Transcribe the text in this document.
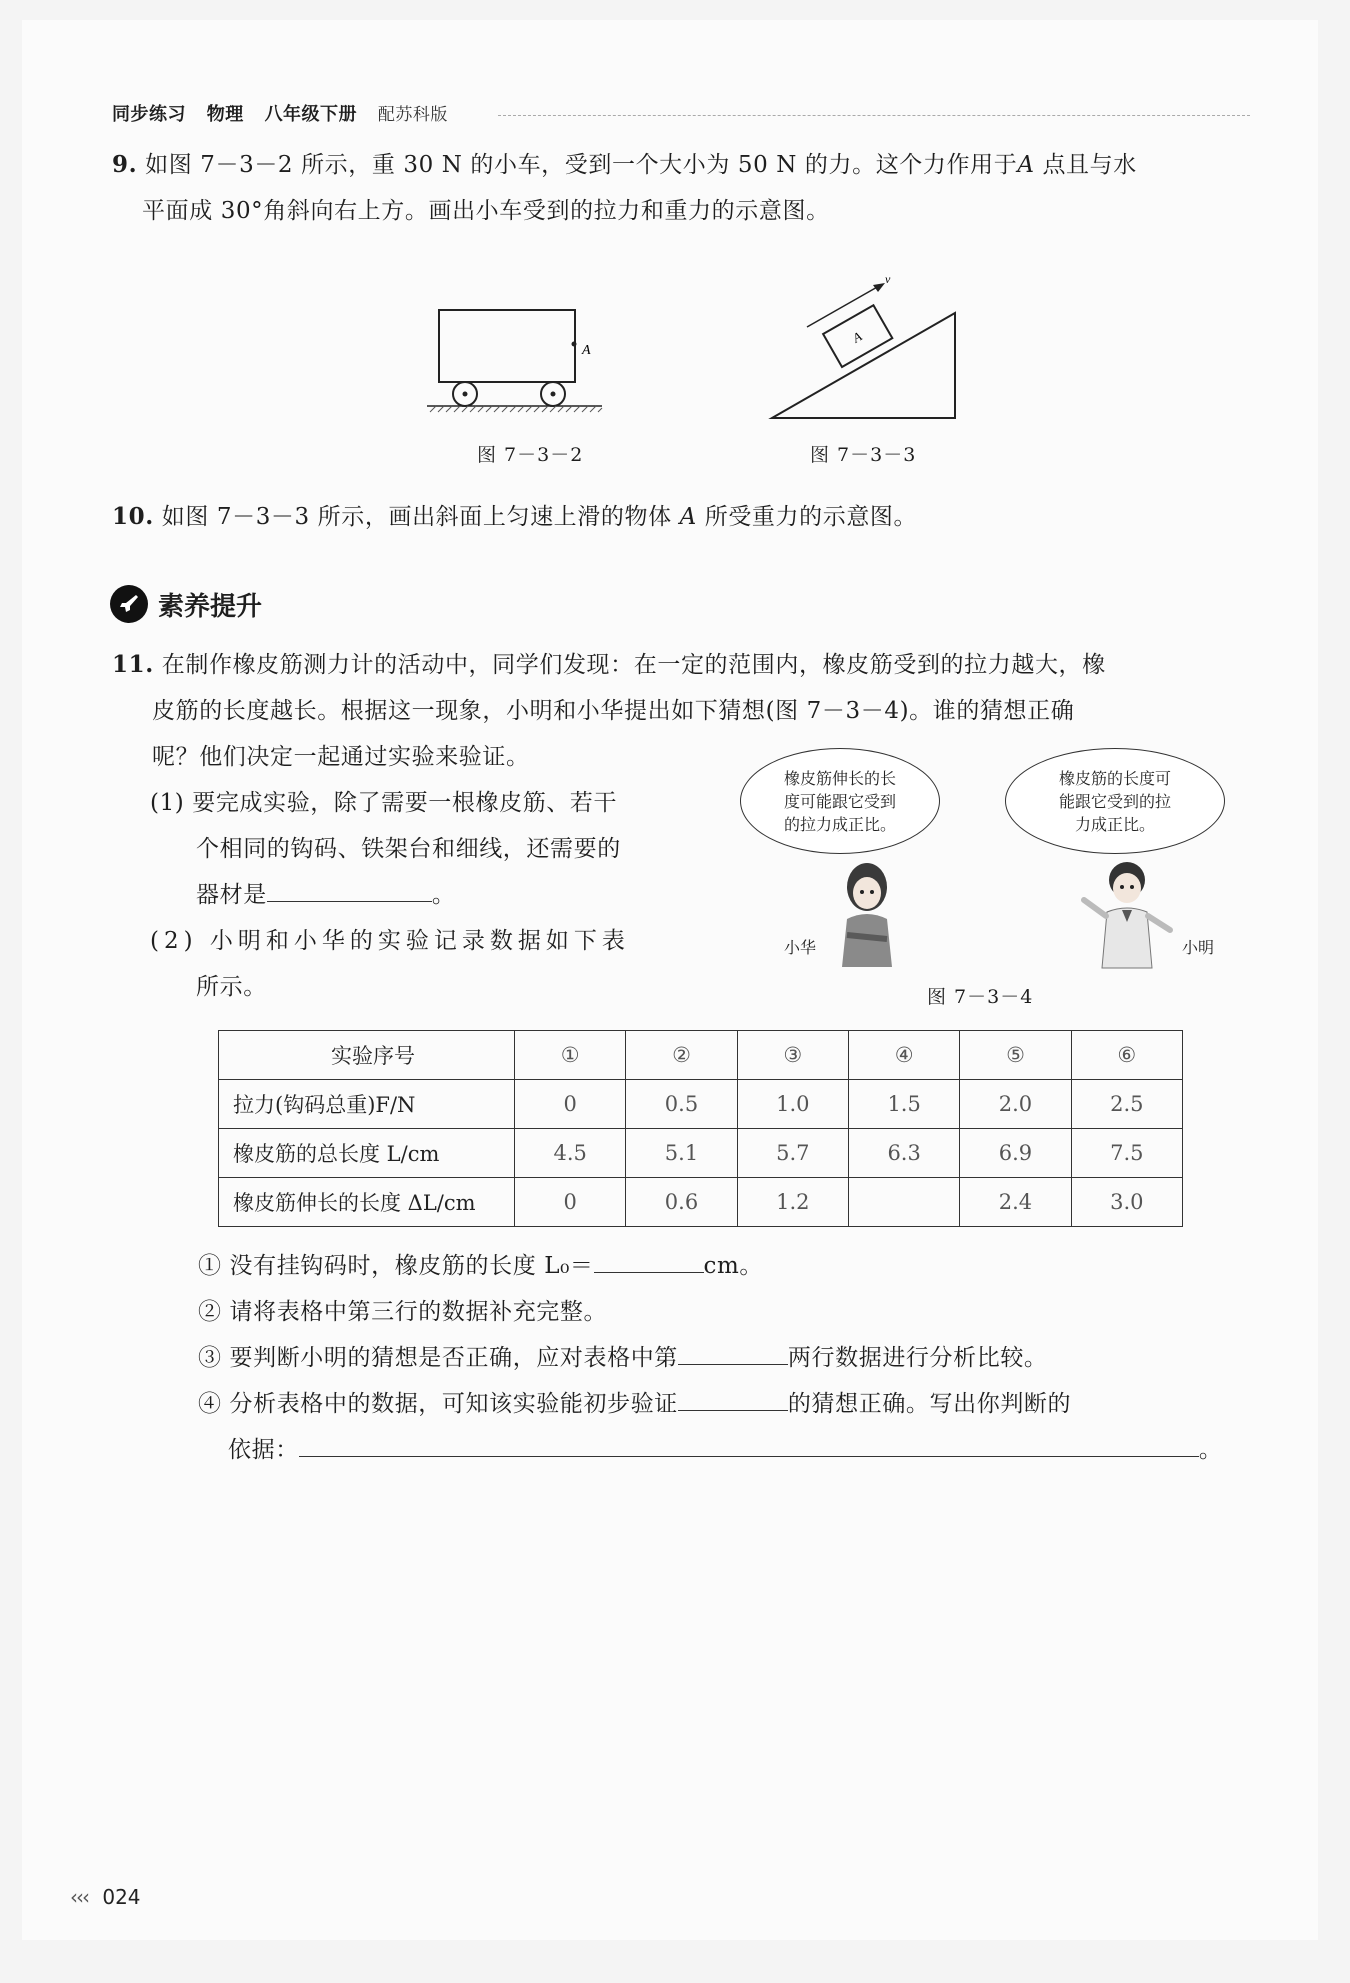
同步练习 物理 八年级下册 配苏科版
9. 如图 7－3－2 所示，重 30 N 的小车，受到一个大小为 50 N 的力。这个力作用于A 点且与水
平面成 30°角斜向右上方。画出小车受到的拉力和重力的示意图。
A
图 7－3－2
A
v
图 7－3－3
10. 如图 7－3－3 所示，画出斜面上匀速上滑的物体 A 所受重力的示意图。
素养提升
11. 在制作橡皮筋测力计的活动中，同学们发现：在一定的范围内，橡皮筋受到的拉力越大，橡
皮筋的长度越长。根据这一现象，小明和小华提出如下猜想(图 7－3－4)。谁的猜想正确
呢？他们决定一起通过实验来验证。
(1) 要完成实验，除了需要一根橡皮筋、若干
个相同的钩码、铁架台和细线，还需要的
器材是	。
(2) 小明和小华的实验记录数据如下表
所示。
橡皮筋伸长的长
度可能跟它受到
的拉力成正比。
橡皮筋的长度可
能跟它受到的拉
力成正比。
小华	小明
图 7－3－4
实验序号	①	②	③	④	⑤	⑥
拉力(钩码总重)F/N	0	0.5	1.0	1.5	2.0	2.5
橡皮筋的总长度 L/cm	4.5	5.1	5.7	6.3	6.9	7.5
橡皮筋伸长的长度 ΔL/cm	0	0.6	1.2		2.4	3.0
① 没有挂钩码时，橡皮筋的长度 L₀＝	cm。
② 请将表格中第三行的数据补充完整。
③ 要判断小明的猜想是否正确，应对表格中第	两行数据进行分析比较。
④ 分析表格中的数据，可知该实验能初步验证	的猜想正确。写出你判断的
依据：	。
‹‹‹ 024
